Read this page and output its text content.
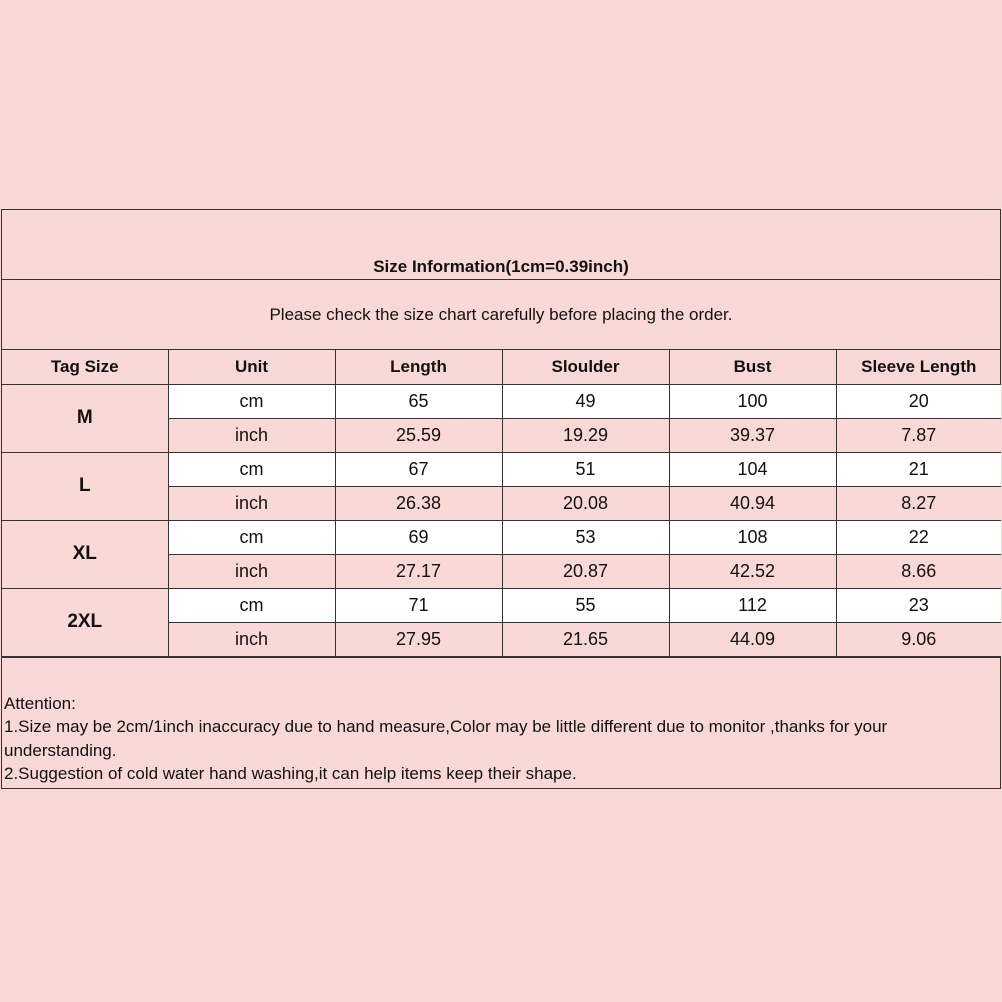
Size Information(1cm=0.39inch)
Please check the size chart carefully before placing the order.
Tag Size	Unit	Length	Sloulder	Bust	Sleeve Length
M	cm	65	49	100	20
	inch	25.59	19.29	39.37	7.87
L	cm	67	51	104	21
	inch	26.38	20.08	40.94	8.27
XL	cm	69	53	108	22
	inch	27.17	20.87	42.52	8.66
2XL	cm	71	55	112	23
	inch	27.95	21.65	44.09	9.06
Attention:
1.Size may be 2cm/1inch inaccuracy due to hand measure,Color may be little different due to monitor ,thanks for your understanding.
2.Suggestion of cold water hand washing,it can help items keep their shape.
